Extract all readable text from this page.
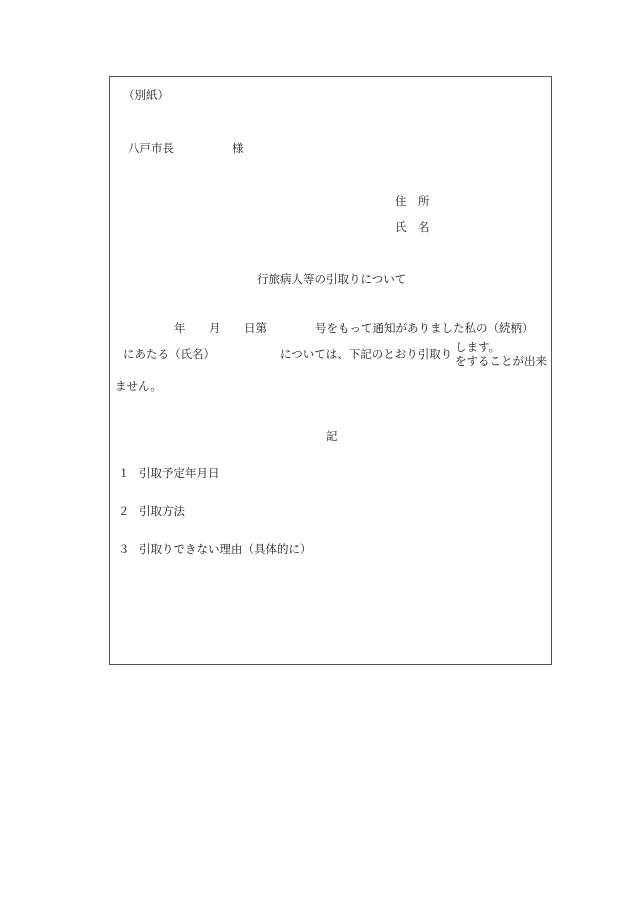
（別紙）
八戸市長	様
住　所
氏　名
行旅病人等の引取りについて
年 月 日第	号をもって通知がありました私の（続柄）
にあたる（氏名）	については、下記のとおり引取り します。
をすることが出来
ません。
記
１ 引取予定年月日
２ 引取方法
３ 引取りできない理由（具体的に）
